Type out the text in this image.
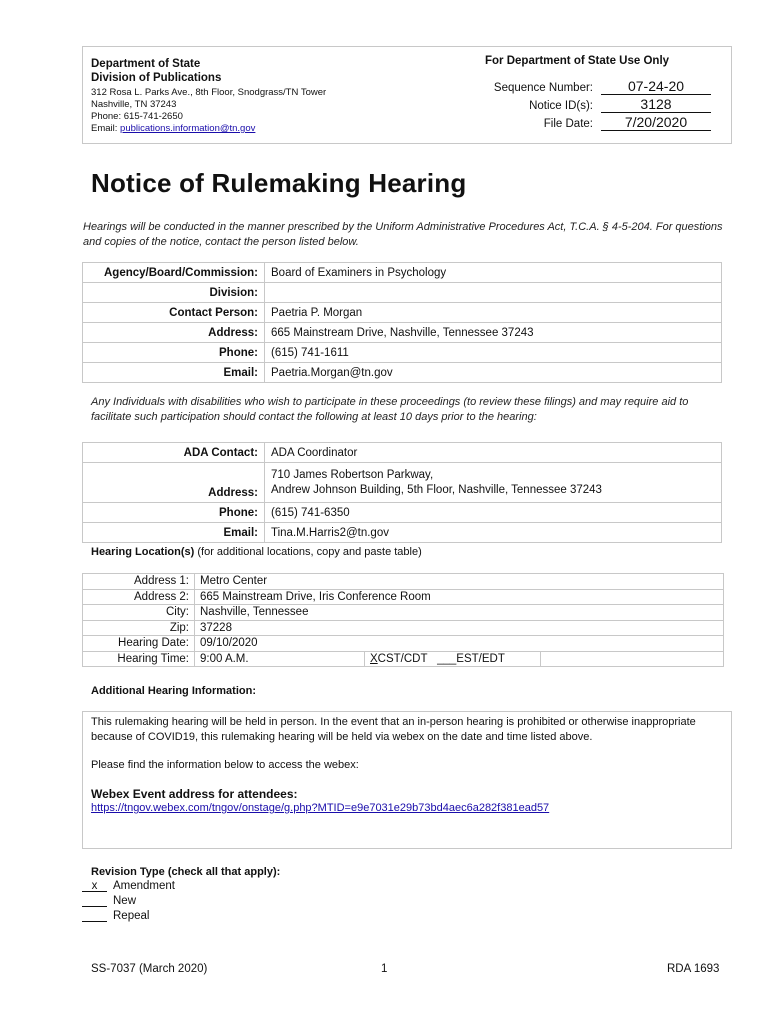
Department of State
Division of Publications
312 Rosa L. Parks Ave., 8th Floor, Snodgrass/TN Tower
Nashville, TN 37243
Phone: 615-741-2650
Email: publications.information@tn.gov
For Department of State Use Only
Sequence Number:	07-24-20
Notice ID(s):	3128
File Date:	7/20/2020
Notice of Rulemaking Hearing
Hearings will be conducted in the manner prescribed by the Uniform Administrative Procedures Act, T.C.A. § 4-5-204. For questions and copies of the notice, contact the person listed below.
Agency/Board/Commission:	Board of Examiners in Psychology
Division:	
Contact Person:	Paetria P. Morgan
Address:	665 Mainstream Drive, Nashville, Tennessee 37243
Phone:	(615) 741-1611
Email:	Paetria.Morgan@tn.gov
Any Individuals with disabilities who wish to participate in these proceedings (to review these filings) and may require aid to facilitate such participation should contact the following at least 10 days prior to the hearing:
ADA Contact:	ADA Coordinator
Address:	710 James Robertson Parkway,
Andrew Johnson Building, 5th Floor, Nashville, Tennessee 37243

Phone:	(615) 741-6350
Email:	Tina.M.Harris2@tn.gov
Hearing Location(s) (for additional locations, copy and paste table)
Address 1:	Metro Center		
Address 2:	665 Mainstream Drive, Iris Conference Room		
City:	Nashville, Tennessee		
Zip:	37228		
Hearing Date:	09/10/2020		
Hearing Time:	9:00 A.M.	XCST/CDT ___EST/EDT	
Additional Hearing Information:

This rulemaking hearing will be held in person. In the event that an in-person hearing is prohibited or otherwise inappropriate because of COVID19, this rulemaking hearing will be held via webex on the date and time listed above.

Please find the information below to access the webex:

Webex Event address for attendees:

https://tngov.webex.com/tngov/onstage/g.php?MTID=e9e7031e29b73bd4aec6a282f381ead57
Revision Type (check all that apply):
x	Amendment
New
Repeal
SS-7037 (March 2020)	1	RDA 1693
